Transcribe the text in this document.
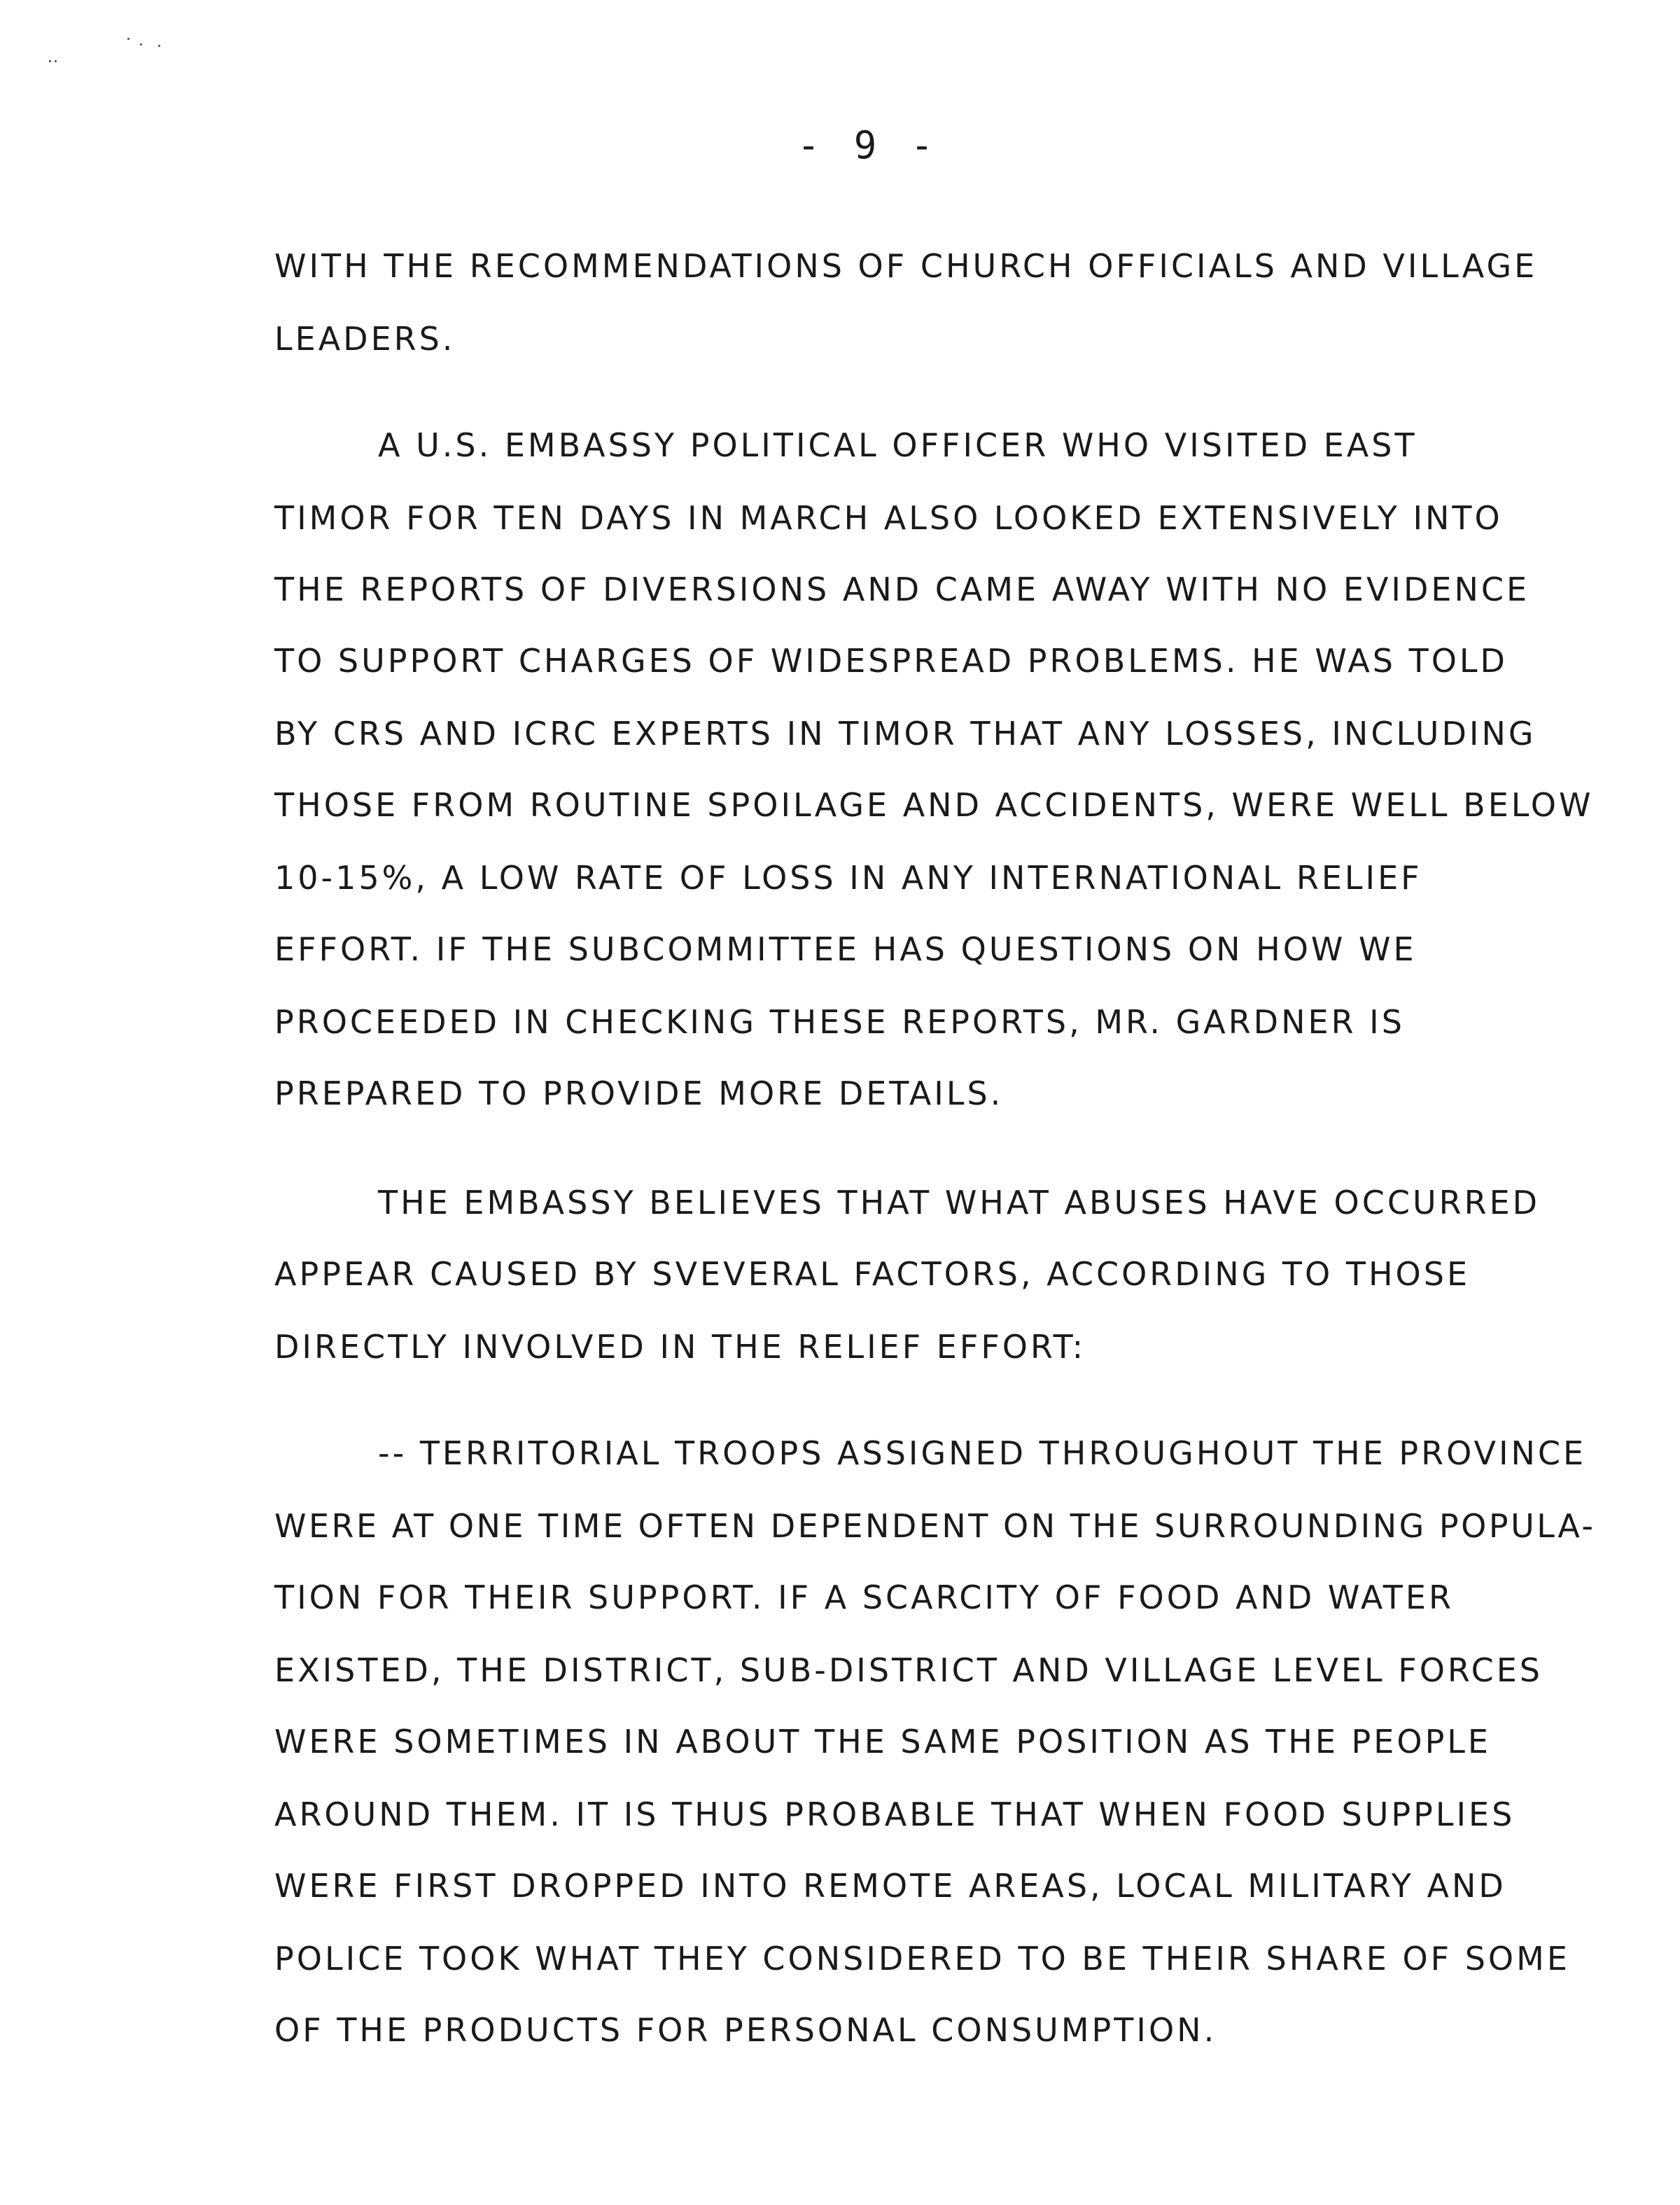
- 9 -
WITH THE RECOMMENDATIONS OF CHURCH OFFICIALS AND VILLAGE
LEADERS.
A U.S. EMBASSY POLITICAL OFFICER WHO VISITED EAST
TIMOR FOR TEN DAYS IN MARCH ALSO LOOKED EXTENSIVELY INTO
THE REPORTS OF DIVERSIONS AND CAME AWAY WITH NO EVIDENCE
TO SUPPORT CHARGES OF WIDESPREAD PROBLEMS. HE WAS TOLD
BY CRS AND ICRC EXPERTS IN TIMOR THAT ANY LOSSES, INCLUDING
THOSE FROM ROUTINE SPOILAGE AND ACCIDENTS, WERE WELL BELOW
10-15%, A LOW RATE OF LOSS IN ANY INTERNATIONAL RELIEF
EFFORT. IF THE SUBCOMMITTEE HAS QUESTIONS ON HOW WE
PROCEEDED IN CHECKING THESE REPORTS, MR. GARDNER IS
PREPARED TO PROVIDE MORE DETAILS.
THE EMBASSY BELIEVES THAT WHAT ABUSES HAVE OCCURRED
APPEAR CAUSED BY SVEVERAL FACTORS, ACCORDING TO THOSE
DIRECTLY INVOLVED IN THE RELIEF EFFORT:
-- TERRITORIAL TROOPS ASSIGNED THROUGHOUT THE PROVINCE
WERE AT ONE TIME OFTEN DEPENDENT ON THE SURROUNDING POPULA-
TION FOR THEIR SUPPORT. IF A SCARCITY OF FOOD AND WATER
EXISTED, THE DISTRICT, SUB-DISTRICT AND VILLAGE LEVEL FORCES
WERE SOMETIMES IN ABOUT THE SAME POSITION AS THE PEOPLE
AROUND THEM. IT IS THUS PROBABLE THAT WHEN FOOD SUPPLIES
WERE FIRST DROPPED INTO REMOTE AREAS, LOCAL MILITARY AND
POLICE TOOK WHAT THEY CONSIDERED TO BE THEIR SHARE OF SOME
OF THE PRODUCTS FOR PERSONAL CONSUMPTION.
